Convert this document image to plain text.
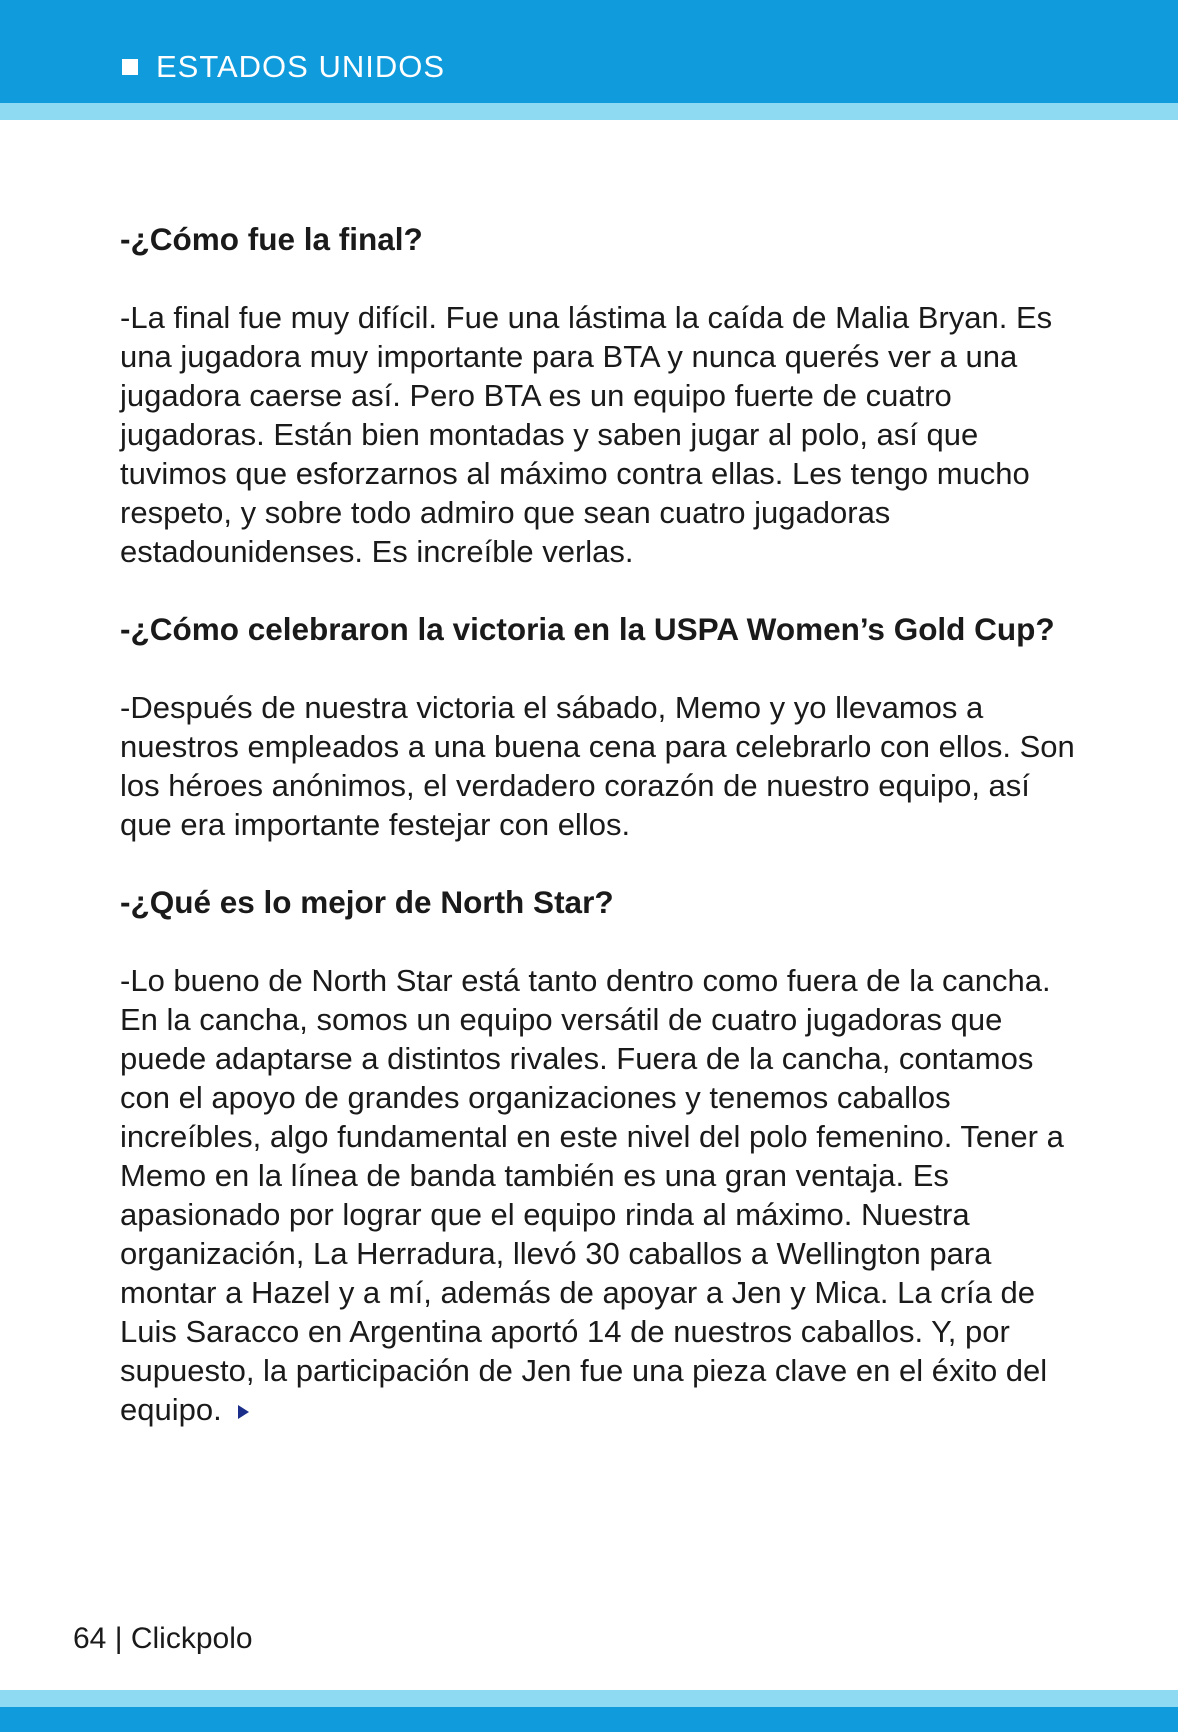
ESTADOS UNIDOS

-¿Cómo fue la final?

-La final fue muy difícil. Fue una lástima la caída de Malia Bryan. Es una jugadora muy importante para BTA y nunca querés ver a una jugadora caerse así. Pero BTA es un equipo fuerte de cuatro jugadoras. Están bien montadas y saben jugar al polo, así que tuvimos que esforzarnos al máximo contra ellas. Les tengo mucho respeto, y sobre todo admiro que sean cuatro jugadoras estadounidenses. Es increíble verlas.

-¿Cómo celebraron la victoria en la USPA Women’s Gold Cup?

-Después de nuestra victoria el sábado, Memo y yo llevamos a nuestros empleados a una buena cena para celebrarlo con ellos. Son los héroes anónimos, el verdadero corazón de nuestro equipo, así que era importante festejar con ellos.

-¿Qué es lo mejor de North Star?

-Lo bueno de North Star está tanto dentro como fuera de la cancha. En la cancha, somos un equipo versátil de cuatro jugadoras que puede adaptarse a distintos rivales. Fuera de la cancha, contamos con el apoyo de grandes organizaciones y tenemos caballos increíbles, algo fundamental en este nivel del polo femenino. Tener a Memo en la línea de banda también es una gran ventaja. Es apasionado por lograr que el equipo rinda al máximo. Nuestra organización, La Herradura, llevó 30 caballos a Wellington para montar a Hazel y a mí, además de apoyar a Jen y Mica. La cría de Luis Saracco en Argentina aportó 14 de nuestros caballos. Y, por supuesto, la participación de Jen fue una pieza clave en el éxito del equipo.

64 | Clickpolo
